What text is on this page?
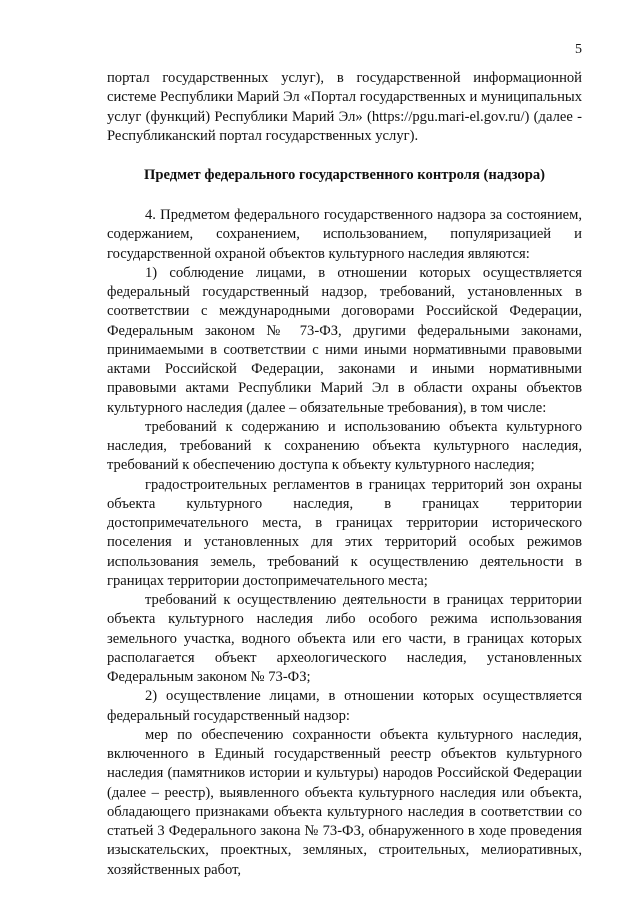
5

портал государственных услуг), в государственной информационной системе Республики Марий Эл «Портал государственных и муниципальных услуг (функций) Республики Марий Эл» (https://pgu.mari-el.gov.ru/) (далее - Республиканский портал государственных услуг).

Предмет федерального государственного контроля (надзора)

4. Предметом федерального государственного надзора за состоянием, содержанием, сохранением, использованием, популяризацией и государственной охраной объектов культурного наследия являются:

1) соблюдение лицами, в отношении которых осуществляется федеральный государственный надзор, требований, установленных в соответствии с международными договорами Российской Федерации, Федеральным законом № 73-ФЗ, другими федеральными законами, принимаемыми в соответствии с ними иными нормативными правовыми актами Российской Федерации, законами и иными нормативными правовыми актами Республики Марий Эл в области охраны объектов культурного наследия (далее – обязательные требования), в том числе:

требований к содержанию и использованию объекта культурного наследия, требований к сохранению объекта культурного наследия, требований к обеспечению доступа к объекту культурного наследия;

градостроительных регламентов в границах территорий зон охраны объекта культурного наследия, в границах территории достопримечательного места, в границах территории исторического поселения и установленных для этих территорий особых режимов использования земель, требований к осуществлению деятельности в границах территории достопримечательного места;

требований к осуществлению деятельности в границах территории объекта культурного наследия либо особого режима использования земельного участка, водного объекта или его части, в границах которых располагается объект археологического наследия, установленных Федеральным законом № 73-ФЗ;

2) осуществление лицами, в отношении которых осуществляется федеральный государственный надзор:

мер по обеспечению сохранности объекта культурного наследия, включенного в Единый государственный реестр объектов культурного наследия (памятников истории и культуры) народов Российской Федерации (далее – реестр), выявленного объекта культурного наследия или объекта, обладающего признаками объекта культурного наследия в соответствии со статьей 3 Федерального закона № 73-ФЗ, обнаруженного в ходе проведения изыскательских, проектных, земляных, строительных, мелиоративных, хозяйственных работ,
